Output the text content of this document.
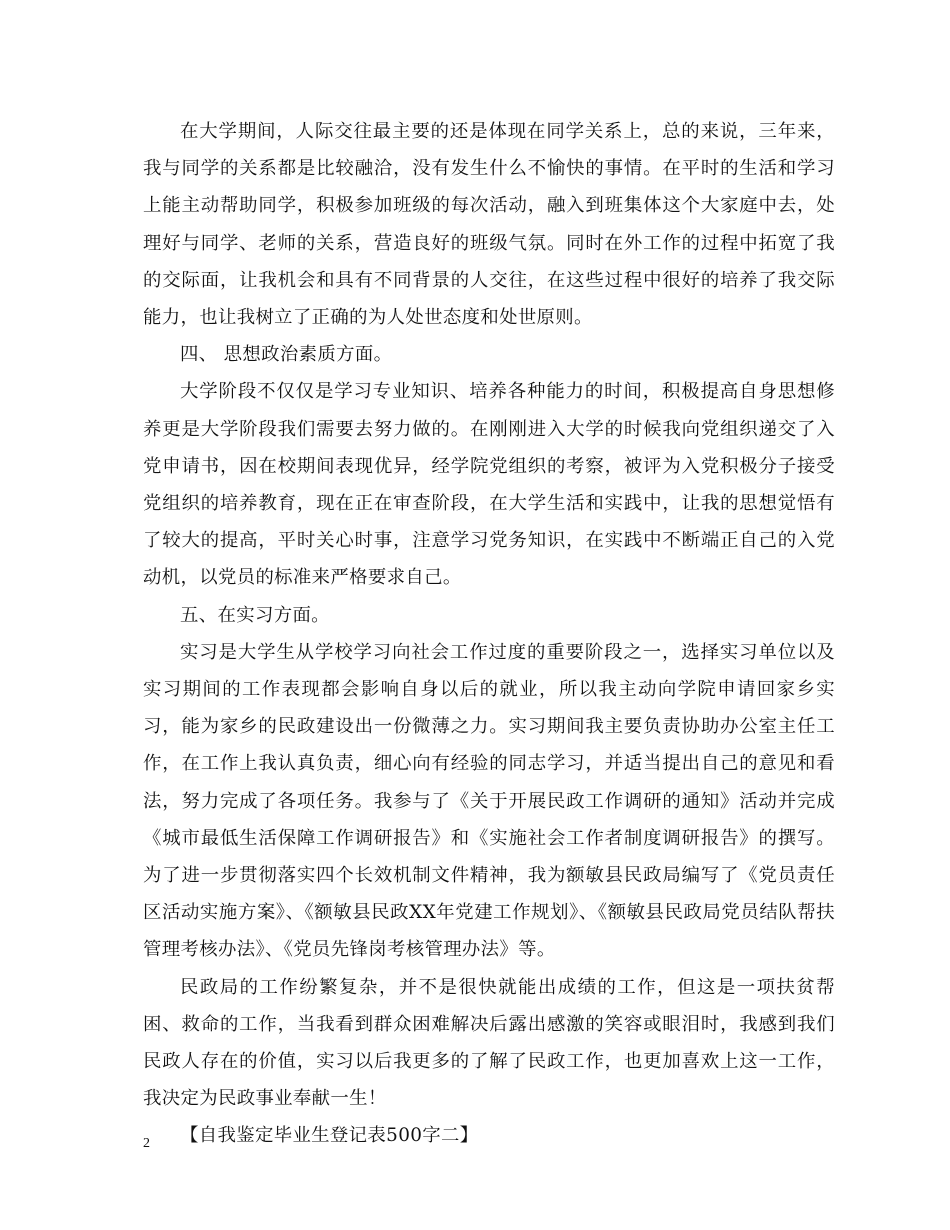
在大学期间，人际交往最主要的还是体现在同学关系上，总的来说，三年来，我与同学的关系都是比较融洽，没有发生什么不愉快的事情。在平时的生活和学习上能主动帮助同学，积极参加班级的每次活动，融入到班集体这个大家庭中去，处理好与同学、老师的关系，营造良好的班级气氛。同时在外工作的过程中拓宽了我的交际面，让我机会和具有不同背景的人交往，在这些过程中很好的培养了我交际能力，也让我树立了正确的为人处世态度和处世原则。

四、 思想政治素质方面。

大学阶段不仅仅是学习专业知识、培养各种能力的时间，积极提高自身思想修养更是大学阶段我们需要去努力做的。在刚刚进入大学的时候我向党组织递交了入党申请书，因在校期间表现优异，经学院党组织的考察，被评为入党积极分子接受党组织的培养教育，现在正在审查阶段，在大学生活和实践中，让我的思想觉悟有了较大的提高，平时关心时事，注意学习党务知识，在实践中不断端正自己的入党动机，以党员的标准来严格要求自己。

五、在实习方面。

实习是大学生从学校学习向社会工作过度的重要阶段之一，选择实习单位以及实习期间的工作表现都会影响自身以后的就业，所以我主动向学院申请回家乡实习，能为家乡的民政建设出一份微薄之力。实习期间我主要负责协助办公室主任工作，在工作上我认真负责，细心向有经验的同志学习，并适当提出自己的意见和看法，努力完成了各项任务。我参与了《关于开展民政工作调研的通知》活动并完成《城市最低生活保障工作调研报告》和《实施社会工作者制度调研报告》的撰写。为了进一步贯彻落实四个长效机制文件精神，我为额敏县民政局编写了《党员责任区活动实施方案》、《额敏县民政XX年党建工作规划》、《额敏县民政局党员结队帮扶管理考核办法》、《党员先锋岗考核管理办法》等。

民政局的工作纷繁复杂，并不是很快就能出成绩的工作，但这是一项扶贫帮困、救命的工作，当我看到群众困难解决后露出感激的笑容或眼泪时，我感到我们民政人存在的价值，实习以后我更多的了解了民政工作，也更加喜欢上这一工作，我决定为民政事业奉献一生！

【自我鉴定毕业生登记表500字二】

2
